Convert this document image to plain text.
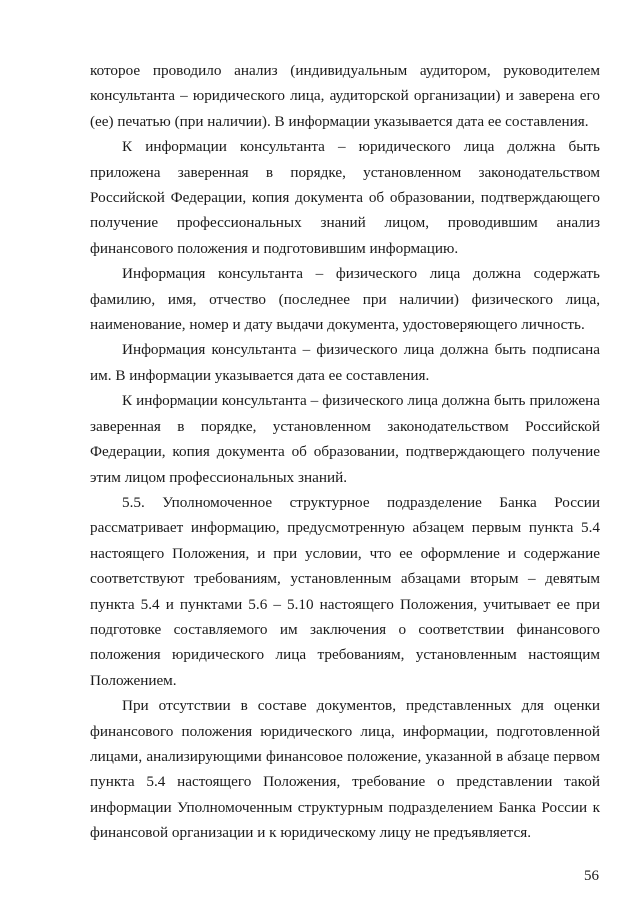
которое проводило анализ (индивидуальным аудитором, руководителем консультанта – юридического лица, аудиторской организации) и заверена его (ее) печатью (при наличии). В информации указывается дата ее составления.

К информации консультанта – юридического лица должна быть приложена заверенная в порядке, установленном законодательством Российской Федерации, копия документа об образовании, подтверждающего получение профессиональных знаний лицом, проводившим анализ финансового положения и подготовившим информацию.

Информация консультанта – физического лица должна содержать фамилию, имя, отчество (последнее при наличии) физического лица, наименование, номер и дату выдачи документа, удостоверяющего личность.

Информация консультанта – физического лица должна быть подписана им. В информации указывается дата ее составления.

К информации консультанта – физического лица должна быть приложена заверенная в порядке, установленном законодательством Российской Федерации, копия документа об образовании, подтверждающего получение этим лицом профессиональных знаний.

5.5. Уполномоченное структурное подразделение Банка России рассматривает информацию, предусмотренную абзацем первым пункта 5.4 настоящего Положения, и при условии, что ее оформление и содержание соответствуют требованиям, установленным абзацами вторым – девятым пункта 5.4 и пунктами 5.6 – 5.10 настоящего Положения, учитывает ее при подготовке составляемого им заключения о соответствии финансового положения юридического лица требованиям, установленным настоящим Положением.

При отсутствии в составе документов, представленных для оценки финансового положения юридического лица, информации, подготовленной лицами, анализирующими финансовое положение, указанной в абзаце первом пункта 5.4 настоящего Положения, требование о представлении такой информации Уполномоченным структурным подразделением Банка России к финансовой организации и к юридическому лицу не предъявляется.

56
